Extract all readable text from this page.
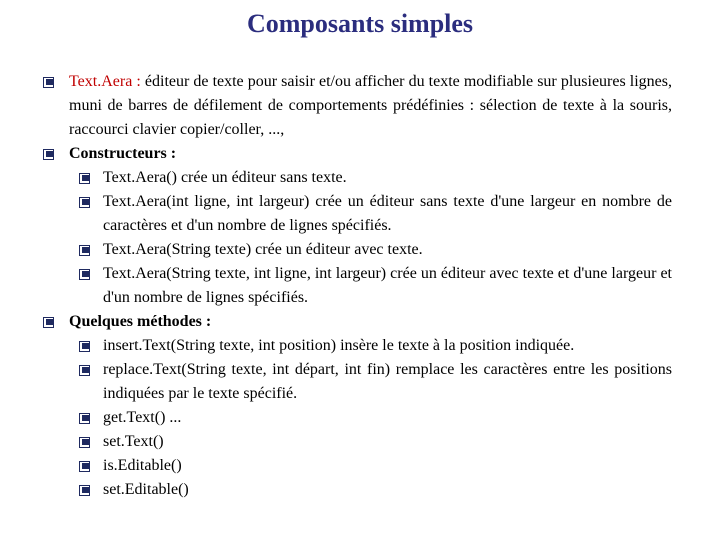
Composants simples
Text.Aera : éditeur de texte pour saisir et/ou afficher du texte modifiable sur plusieures lignes, muni de barres de défilement de comportements prédéfinies : sélection de texte à la souris, raccourci clavier copier/coller, ...,
Constructeurs :
Text.Aera() crée un éditeur sans texte.
Text.Aera(int ligne, int largeur) crée un éditeur sans texte d'une largeur en nombre de caractères et d'un nombre de lignes spécifiés.
Text.Aera(String texte) crée un éditeur avec texte.
Text.Aera(String texte, int ligne, int largeur) crée un éditeur avec texte et d'une largeur et d'un nombre de lignes spécifiés.
Quelques méthodes :
insert.Text(String texte, int position) insère le texte à la position indiquée.
replace.Text(String texte, int départ, int fin) remplace les caractères entre les positions indiquées par le texte spécifié.
get.Text() ...
set.Text()
is.Editable()
set.Editable()
